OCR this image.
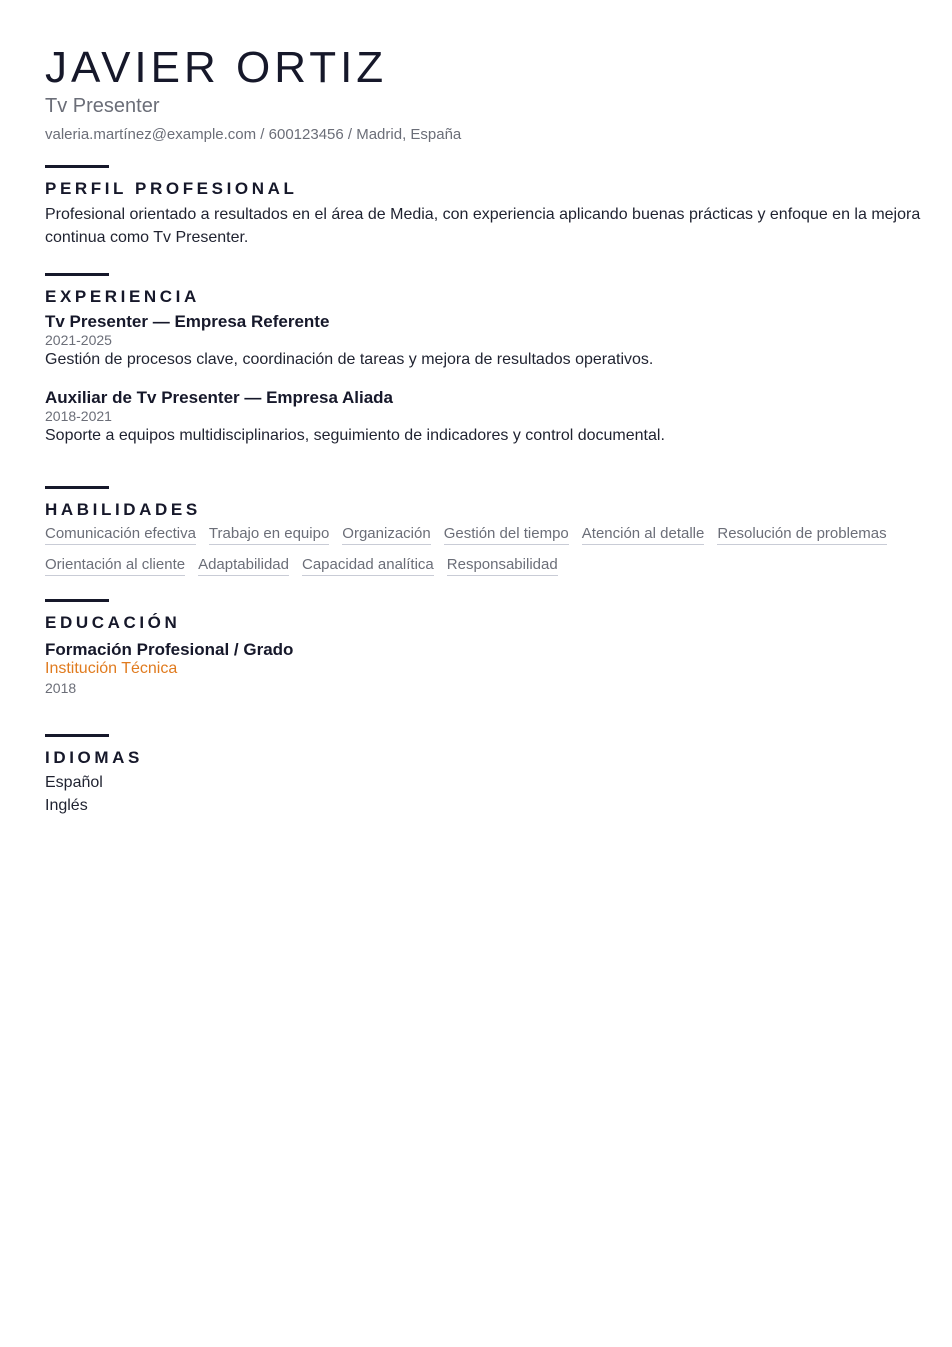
JAVIER ORTIZ
Tv Presenter
valeria.martínez@example.com / 600123456 / Madrid, España
PERFIL PROFESIONAL
Profesional orientado a resultados en el área de Media, con experiencia aplicando buenas prácticas y enfoque en la mejora continua como Tv Presenter.
EXPERIENCIA
Tv Presenter — Empresa Referente
2021-2025
Gestión de procesos clave, coordinación de tareas y mejora de resultados operativos.
Auxiliar de Tv Presenter — Empresa Aliada
2018-2021
Soporte a equipos multidisciplinarios, seguimiento de indicadores y control documental.
HABILIDADES
Comunicación efectiva Trabajo en equipo Organización Gestión del tiempo Atención al detalle Resolución de problemas
Orientación al cliente Adaptabilidad Capacidad analítica Responsabilidad
EDUCACIÓN
Formación Profesional / Grado
Institución Técnica
2018
IDIOMAS
Español
Inglés
